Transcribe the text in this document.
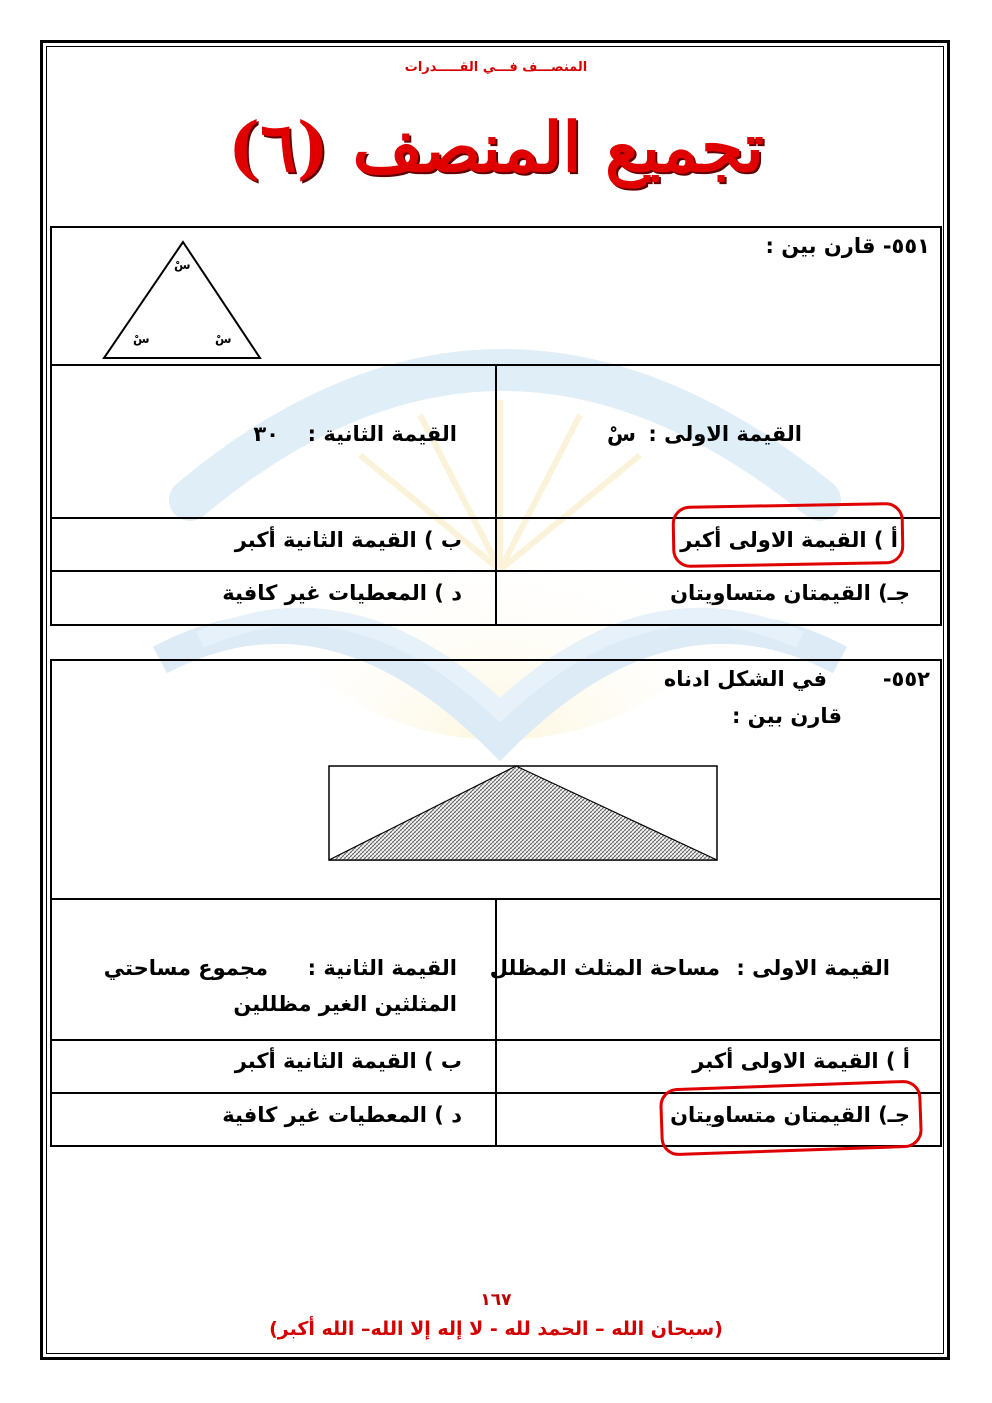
المنصـــف فـــي القـــــدرات
تجميع المنصف (٦)
٥٥١- قارن بين :
سْ
سْ	سْ
القيمة الاولى :
سْ
القيمة الثانية :
٣٠
أ ) القيمة الاولى أكبر
ب ) القيمة الثانية أكبر
جـ) القيمتان متساويتان
د ) المعطيات غير كافية
٥٥٢-
في الشكل ادناه
قارن بين :
القيمة الاولى :
مساحة المثلث المظلل
القيمة الثانية :
مجموع مساحتي
المثلثين الغير مظللين
أ ) القيمة الاولى أكبر
ب ) القيمة الثانية أكبر
جـ) القيمتان متساويتان
د ) المعطيات غير كافية
١٦٧
(سبحان الله – الحمد لله - لا إله إلا الله– الله أكبر)
